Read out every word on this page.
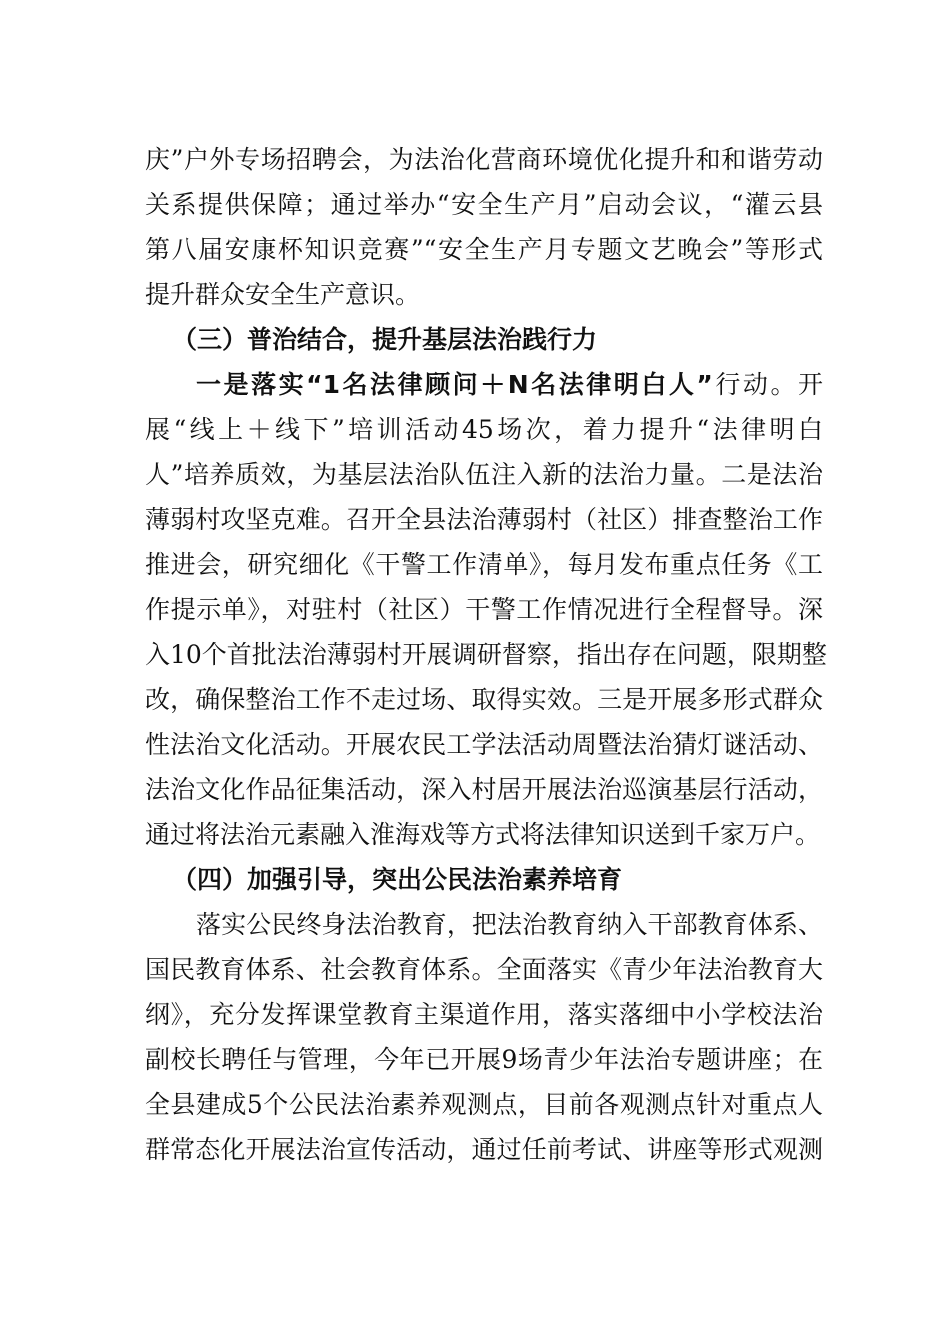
庆”户外专场招聘会，为法治化营商环境优化提升和和谐劳动
关系提供保障；通过举办“安全生产月”启动会议，“灌云县
第八届安康杯知识竞赛”“安全生产月专题文艺晚会”等形式
提升群众安全生产意识。
（三）普治结合，提升基层法治践行力
一是落实“1名法律顾问＋N名法律明白人”行动。开
展“线上＋线下”培训活动45场次，着力提升“法律明白
人”培养质效，为基层法治队伍注入新的法治力量。二是法治
薄弱村攻坚克难。召开全县法治薄弱村（社区）排查整治工作
推进会，研究细化《干警工作清单》，每月发布重点任务《工
作提示单》，对驻村（社区）干警工作情况进行全程督导。深
入10个首批法治薄弱村开展调研督察，指出存在问题，限期整
改，确保整治工作不走过场、取得实效。三是开展多形式群众
性法治文化活动。开展农民工学法活动周暨法治猜灯谜活动、
法治文化作品征集活动，深入村居开展法治巡演基层行活动，
通过将法治元素融入淮海戏等方式将法律知识送到千家万户。
（四）加强引导，突出公民法治素养培育
落实公民终身法治教育，把法治教育纳入干部教育体系、
国民教育体系、社会教育体系。全面落实《青少年法治教育大
纲》，充分发挥课堂教育主渠道作用，落实落细中小学校法治
副校长聘任与管理，今年已开展9场青少年法治专题讲座；在
全县建成5个公民法治素养观测点，目前各观测点针对重点人
群常态化开展法治宣传活动，通过任前考试、讲座等形式观测
